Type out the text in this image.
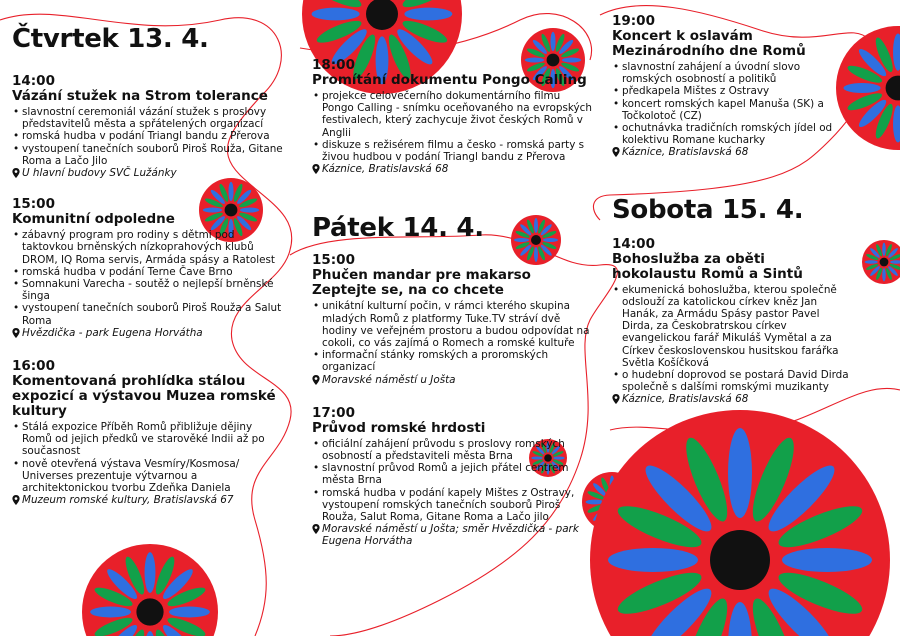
Čtvrtek 13. 4.
14:00
Vázání stužek na Strom tolerance
• slavnostní ceremoniál vázání stužek s proslovy představitelů města a spřátelených organizací
• romská hudba v podání Triangl bandu z Přerova
• vystoupení tanečních souborů Piroš Rouža, Gitane Roma a Lačo Jilo
U hlavní budovy SVČ Lužánky
15:00
Komunitní odpoledne
• zábavný program pro rodiny s dětmi pod taktovkou brněnských nízkoprahových klubů DROM, IQ Roma servis, Armáda spásy a Ratolest
• romská hudba v podání Terne Čave Brno
• Somnakuni Varecha - soutěž o nejlepší brněnské šinga
• vystoupení tanečních souborů Piroš Rouža a Salut Roma
Hvězdička - park Eugena Horvátha
16:00
Komentovaná prohlídka stálou expozicí a výstavou Muzea romské kultury
• Stálá expozice Příběh Romů přibližuje dějiny Romů od jejich předků ve starověké Indii až po současnost
• nově otevřená výstava Vesmíry/Kosmosa/ Universes prezentuje výtvarnou a architektonickou tvorbu Zdeňka Daniela
Muzeum romské kultury, Bratislavská 67
18:00
Promítání dokumentu Pongo Calling
• projekce celovečerního dokumentárního filmu Pongo Calling - snímku oceňovaného na evropských festivalech, který zachycuje život českých Romů v Anglii
• diskuze s režisérem filmu a česko - romská party s živou hudbou v podání Triangl bandu z Přerova
Káznice, Bratislavská 68
Pátek 14. 4.
15:00
Phučen mandar pre makarso Zeptejte se, na co chcete
• unikátní kulturní počin, v rámci kterého skupina mladých Romů z platformy Tuke.TV stráví dvě hodiny ve veřejném prostoru a budou odpovídat na cokoli, co vás zajímá o Romech a romské kultuře
• informační stánky romských a proromských organizací
Moravské náměstí u Jošta
17:00
Průvod romské hrdosti
• oficiální zahájení průvodu s proslovy romských osobností a představiteli města Brna
• slavnostní průvod Romů a jejich přátel centrem města Brna
• romská hudba v podání kapely Mištes z Ostravy, vystoupení romských tanečních souborů Piroš Rouža, Salut Roma, Gitane Roma a Lačo jilo
Moravské náměstí u Jošta; směr Hvězdička - park Eugena Horvátha
19:00
Koncert k oslavám Mezinárodního dne Romů
• slavnostní zahájení a úvodní slovo romských osobností a politiků
• předkapela Mištes z Ostravy
• koncert romských kapel Manuša (SK) a Točkolotoč (CZ)
• ochutnávka tradičních romských jídel od kolektivu Romane kucharky
Káznice, Bratislavská 68
Sobota 15. 4.
14:00
Bohoslužba za oběti hokolaustu Romů a Sintů
• ekumenická bohoslužba, kterou společně odslouží za katolickou církev kněz Jan Hanák, za Armádu Spásy pastor Pavel Dirda, za Českobratrskou církev evangelickou farář Mikuláš Vymětal a za Církev československou husitskou farářka Světla Košíčková
• o hudební doprovod se postará David Dirda společně s dalšími romskými muzikanty
Káznice, Bratislavská 68
